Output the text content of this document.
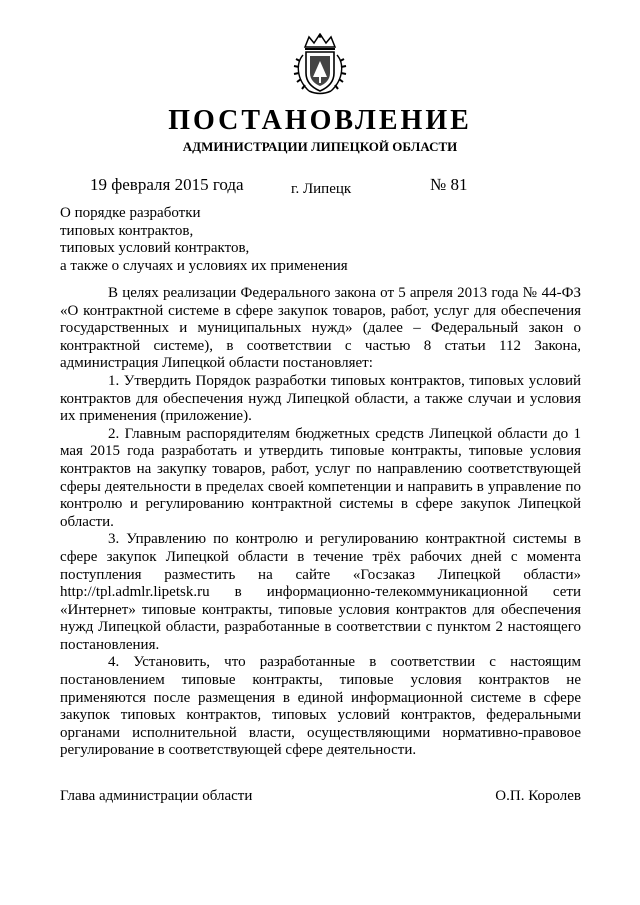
ПОСТАНОВЛЕНИЕ
АДМИНИСТРАЦИИ ЛИПЕЦКОЙ ОБЛАСТИ
19 февраля 2015 года	г. Липецк	№ 81
О порядке разработки
типовых контрактов,
типовых условий контрактов,
а также о случаях и условиях их применения

В целях реализации Федерального закона от 5 апреля 2013 года № 44-ФЗ «О контрактной системе в сфере закупок товаров, работ, услуг для обеспечения государственных и муниципальных нужд» (далее – Федеральный закон о контрактной системе), в соответствии с частью 8 статьи 112 Закона, администрация Липецкой области постановляет:

1. Утвердить Порядок разработки типовых контрактов, типовых условий контрактов для обеспечения нужд Липецкой области, а также случаи и условия их применения (приложение).

2. Главным распорядителям бюджетных средств Липецкой области до 1 мая 2015 года разработать и утвердить типовые контракты, типовые условия контрактов на закупку товаров, работ, услуг по направлению соответствующей сферы деятельности в пределах своей компетенции и направить в управление по контролю и регулированию контрактной системы в сфере закупок Липецкой области.

3. Управлению по контролю и регулированию контрактной системы в сфере закупок Липецкой области в течение трёх рабочих дней с момента поступления разместить на сайте «Госзаказ Липецкой области» http://tpl.admlr.lipetsk.ru в информационно-телекоммуникационной сети «Интернет» типовые контракты, типовые условия контрактов для обеспечения нужд Липецкой области, разработанные в соответствии с пунктом 2 настоящего постановления.

4. Установить, что разработанные в соответствии с настоящим постановлением типовые контракты, типовые условия контрактов не применяются после размещения в единой информационной системе в сфере закупок типовых контрактов, типовых условий контрактов, федеральными органами исполнительной власти, осуществляющими нормативно-правовое регулирование в соответствующей сфере деятельности.

Глава администрации области	О.П. Королев
